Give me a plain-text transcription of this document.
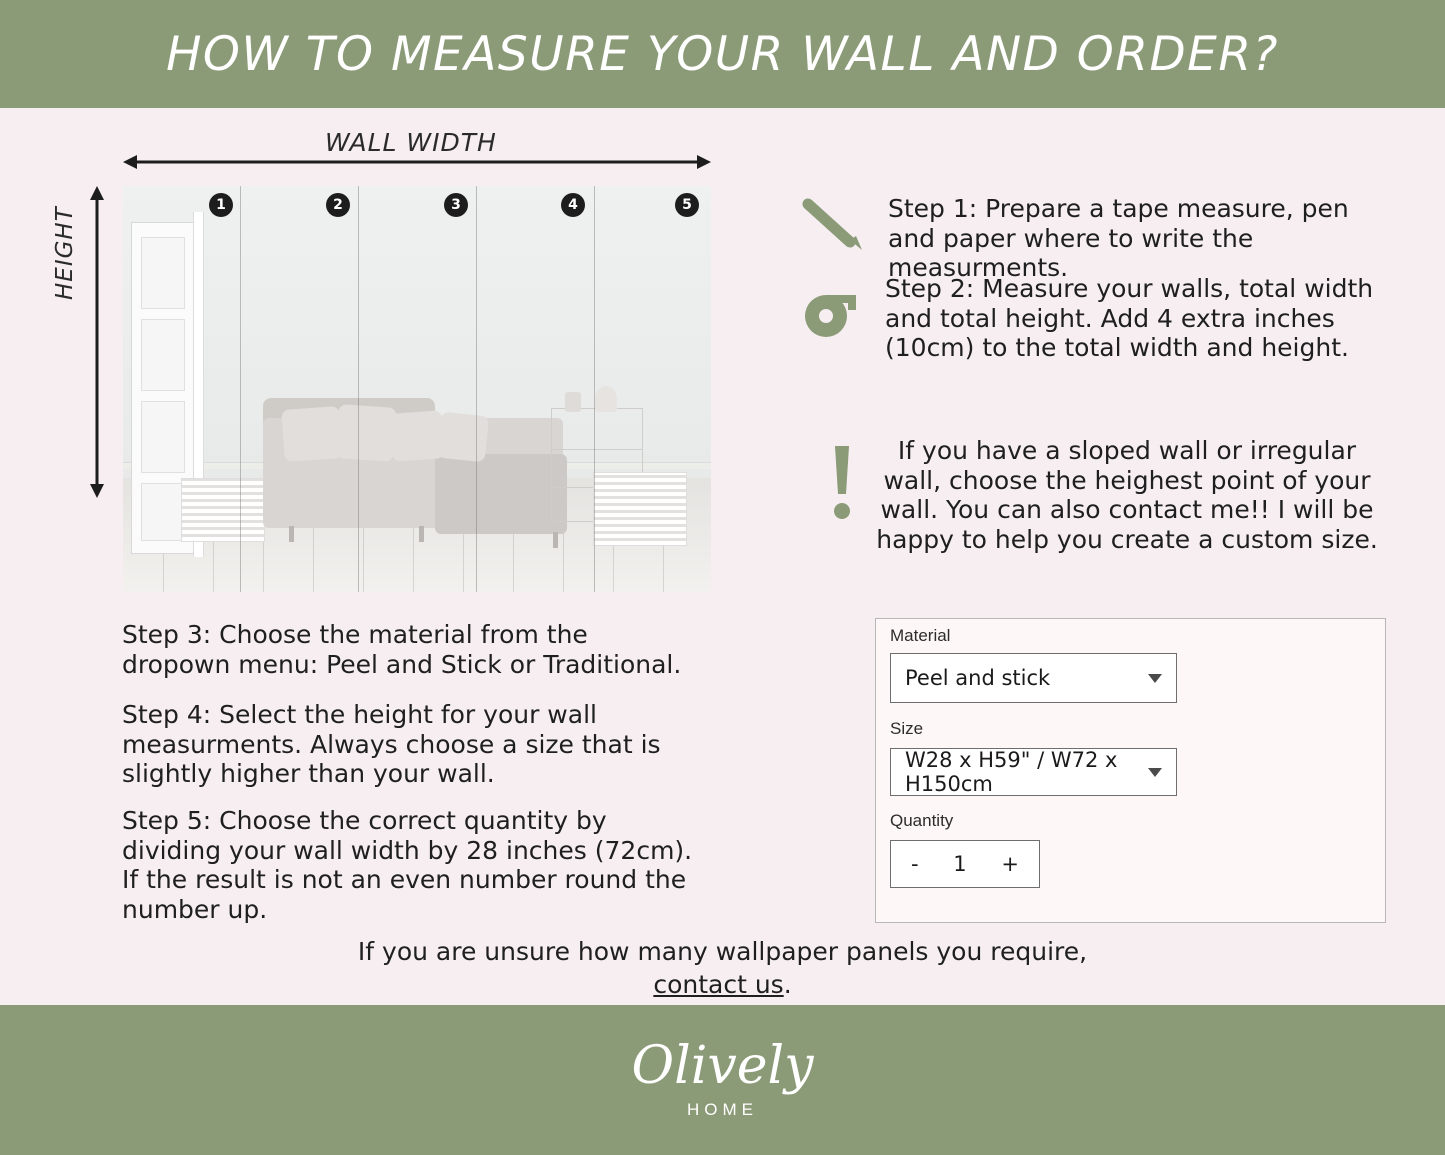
HOW TO MEASURE YOUR WALL AND ORDER?
WALL WIDTH
HEIGHT
1	2	3	4	5	Step 1: Prepare a tape measure, pen and paper where to write the measurments.
Step 2: Measure your walls, total width and total height. Add 4 extra inches (10cm) to the total width and height.
If you have a sloped wall or irregular wall, choose the heighest point of your wall. You can also contact me!! I will be happy to help you create a custom size.
Step 3: Choose the material from the dropown menu: Peel and Stick or Traditional.
Step 4: Select the height for your wall measurments. Always choose a size that is slightly higher than your wall.
Step 5: Choose the correct quantity by dividing your wall width by 28 inches (72cm). If the result is not an even number round the number up.
Material
Peel and stick
Size
W28 x H59" / W72 x H150cm
Quantity
-	1	+
If you are unsure how many wallpaper panels you require,
contact us.
Olively
HOME
